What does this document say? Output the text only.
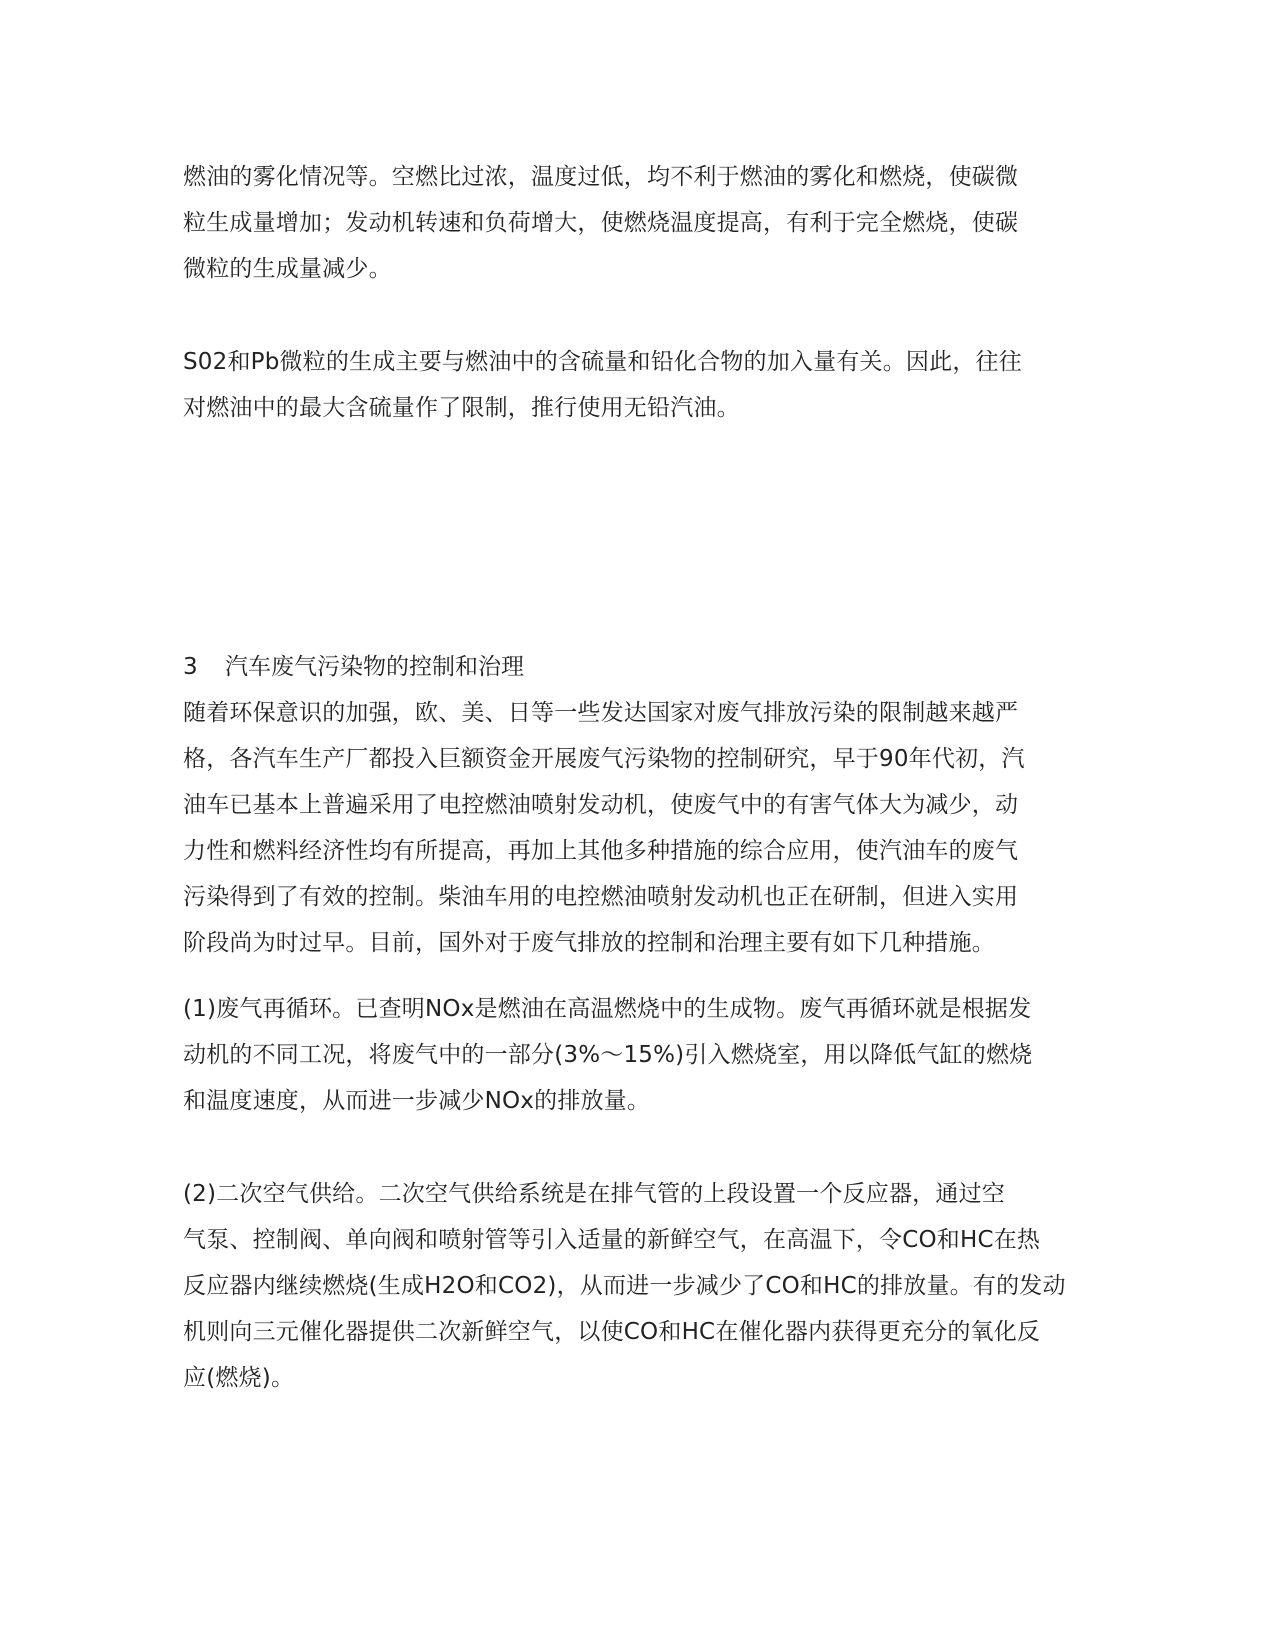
燃油的雾化情况等。空燃比过浓，温度过低，均不利于燃油的雾化和燃烧，使碳微
粒生成量增加；发动机转速和负荷增大，使燃烧温度提高，有利于完全燃烧，使碳
微粒的生成量减少。
S02和Pb微粒的生成主要与燃油中的含硫量和铅化合物的加入量有关。因此，往往
对燃油中的最大含硫量作了限制，推行使用无铅汽油。
3 汽车废气污染物的控制和治理
随着环保意识的加强，欧、美、日等一些发达国家对废气排放污染的限制越来越严
格，各汽车生产厂都投入巨额资金开展废气污染物的控制研究，早于90年代初，汽
油车已基本上普遍采用了电控燃油喷射发动机，使废气中的有害气体大为减少，动
力性和燃料经济性均有所提高，再加上其他多种措施的综合应用，使汽油车的废气
污染得到了有效的控制。柴油车用的电控燃油喷射发动机也正在研制，但进入实用
阶段尚为时过早。目前，国外对于废气排放的控制和治理主要有如下几种措施。
(1)废气再循环。已查明NOx是燃油在高温燃烧中的生成物。废气再循环就是根据发
动机的不同工况，将废气中的一部分(3%～15%)引入燃烧室，用以降低气缸的燃烧
和温度速度，从而进一步减少NOx的排放量。
(2)二次空气供给。二次空气供给系统是在排气管的上段设置一个反应器，通过空
气泵、控制阀、单向阀和喷射管等引入适量的新鲜空气，在高温下，令CO和HC在热
反应器内继续燃烧(生成H2O和CO2)，从而进一步减少了CO和HC的排放量。有的发动
机则向三元催化器提供二次新鲜空气，以使CO和HC在催化器内获得更充分的氧化反
应(燃烧)。
